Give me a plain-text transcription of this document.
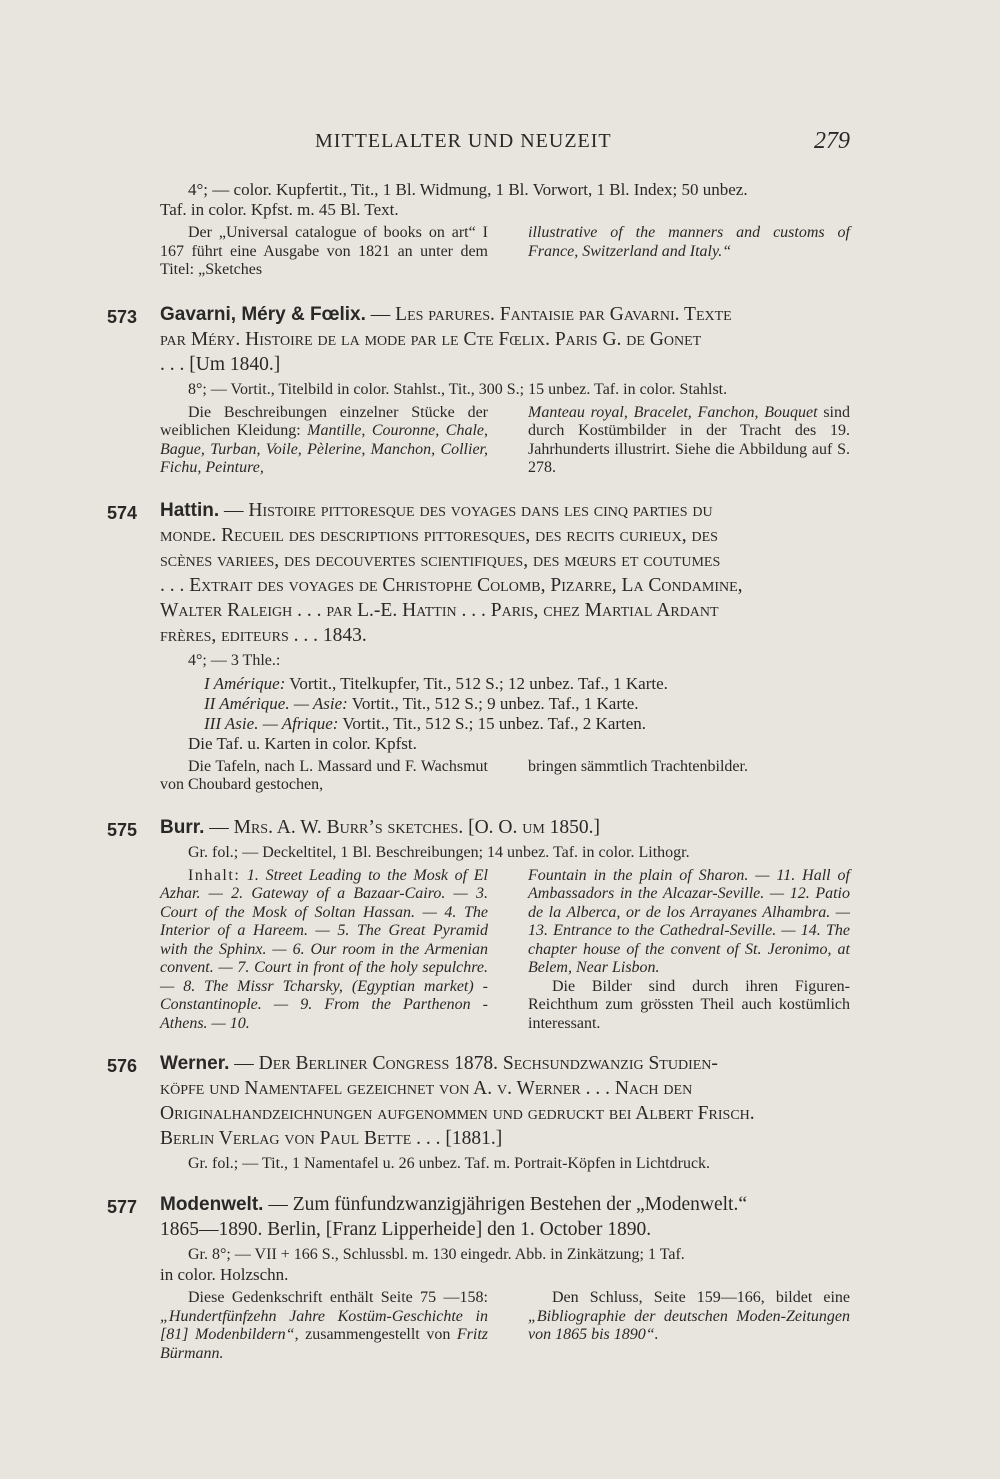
MITTELALTER UND NEUZEIT	279
4°; — color. Kupfertit., Tit., 1 Bl. Widmung, 1 Bl. Vorwort, 1 Bl. Index; 50 unbez.
Taf. in color. Kpfst. m. 45 Bl. Text.
Der „Universal catalogue of books on art“ I 167 führt eine Ausgabe von 1821 an unter dem Titel: „Sketches
illustrative of the manners and customs of France, Switzerland and Italy.“
573 Gavarni, Méry & Fœlix. — Les parures. Fantaisie par Gavarni. Texte
par Méry. Histoire de la mode par le Cte Fœlix. Paris G. de Gonet
. . . [Um 1840.]
8°; — Vortit., Titelbild in color. Stahlst., Tit., 300 S.; 15 unbez. Taf. in color. Stahlst.
Die Beschreibungen einzelner Stücke der weiblichen Kleidung: Mantille, Couronne, Chale, Bague, Turban, Voile, Pèlerine, Manchon, Collier, Fichu, Peinture,
Manteau royal, Bracelet, Fanchon, Bouquet sind durch Kostümbilder in der Tracht des 19. Jahrhunderts illustrirt. Siehe die Abbildung auf S. 278.
574 Hattin. — Histoire pittoresque des voyages dans les cinq parties du
monde. Recueil des descriptions pittoresques, des recits curieux, des
scènes variees, des decouvertes scientifiques, des mœurs et coutumes
. . . Extrait des voyages de Christophe Colomb, Pizarre, La Condamine,
Walter Raleigh . . . par L.-E. Hattin . . . Paris, chez Martial Ardant
frères, editeurs . . . 1843.
4°; — 3 Thle.:
I Amérique: Vortit., Titelkupfer, Tit., 512 S.; 12 unbez. Taf., 1 Karte.
II Amérique. — Asie: Vortit., Tit., 512 S.; 9 unbez. Taf., 1 Karte.
III Asie. — Afrique: Vortit., Tit., 512 S.; 15 unbez. Taf., 2 Karten.
Die Taf. u. Karten in color. Kpfst.
Die Tafeln, nach L. Massard und F. Wachsmut von Choubard gestochen,
bringen sämmtlich Trachtenbilder.
575 Burr. — Mrs. A. W. Burr’s sketches. [O. O. um 1850.]
Gr. fol.; — Deckeltitel, 1 Bl. Beschreibungen; 14 unbez. Taf. in color. Lithogr.
Inhalt: 1. Street Leading to the Mosk of El Azhar. — 2. Gateway of a Bazaar-Cairo. — 3. Court of the Mosk of Soltan Hassan. — 4. The Interior of a Hareem. — 5. The Great Pyramid with the Sphinx. — 6. Our room in the Armenian convent. — 7. Court in front of the holy sepulchre. — 8. The Missr Tcharsky, (Egyptian market) - Constantinople. — 9. From the Parthenon - Athens. — 10.
Fountain in the plain of Sharon. — 11. Hall of Ambassadors in the Alcazar-Seville. — 12. Patio de la Alberca, or de los Arrayanes Alhambra. — 13. Entrance to the Cathedral-Seville. — 14. The chapter house of the convent of St. Jeronimo, at Belem, Near Lisbon.
Die Bilder sind durch ihren Figuren-Reichthum zum grössten Theil auch kostümlich interessant.
576 Werner. — Der Berliner Congress 1878. Sechsundzwanzig Studien-
köpfe und Namentafel gezeichnet von A. v. Werner . . . Nach den
Originalhandzeichnungen aufgenommen und gedruckt bei Albert Frisch.
Berlin Verlag von Paul Bette . . . [1881.]
Gr. fol.; — Tit., 1 Namentafel u. 26 unbez. Taf. m. Portrait-Köpfen in Lichtdruck.
577 Modenwelt. — Zum fünfundzwanzigjährigen Bestehen der „Modenwelt.“
1865—1890. Berlin, [Franz Lipperheide] den 1. October 1890.
Gr. 8°; — VII + 166 S., Schlussbl. m. 130 eingedr. Abb. in Zinkätzung; 1 Taf.
in color. Holzschn.
Diese Gedenkschrift enthält Seite 75 —158: „Hundertfünfzehn Jahre Kostüm-Geschichte in [81] Modenbildern“, zusammengestellt von Fritz Bürmann.
Den Schluss, Seite 159—166, bildet eine „Bibliographie der deutschen Moden-Zeitungen von 1865 bis 1890“.
